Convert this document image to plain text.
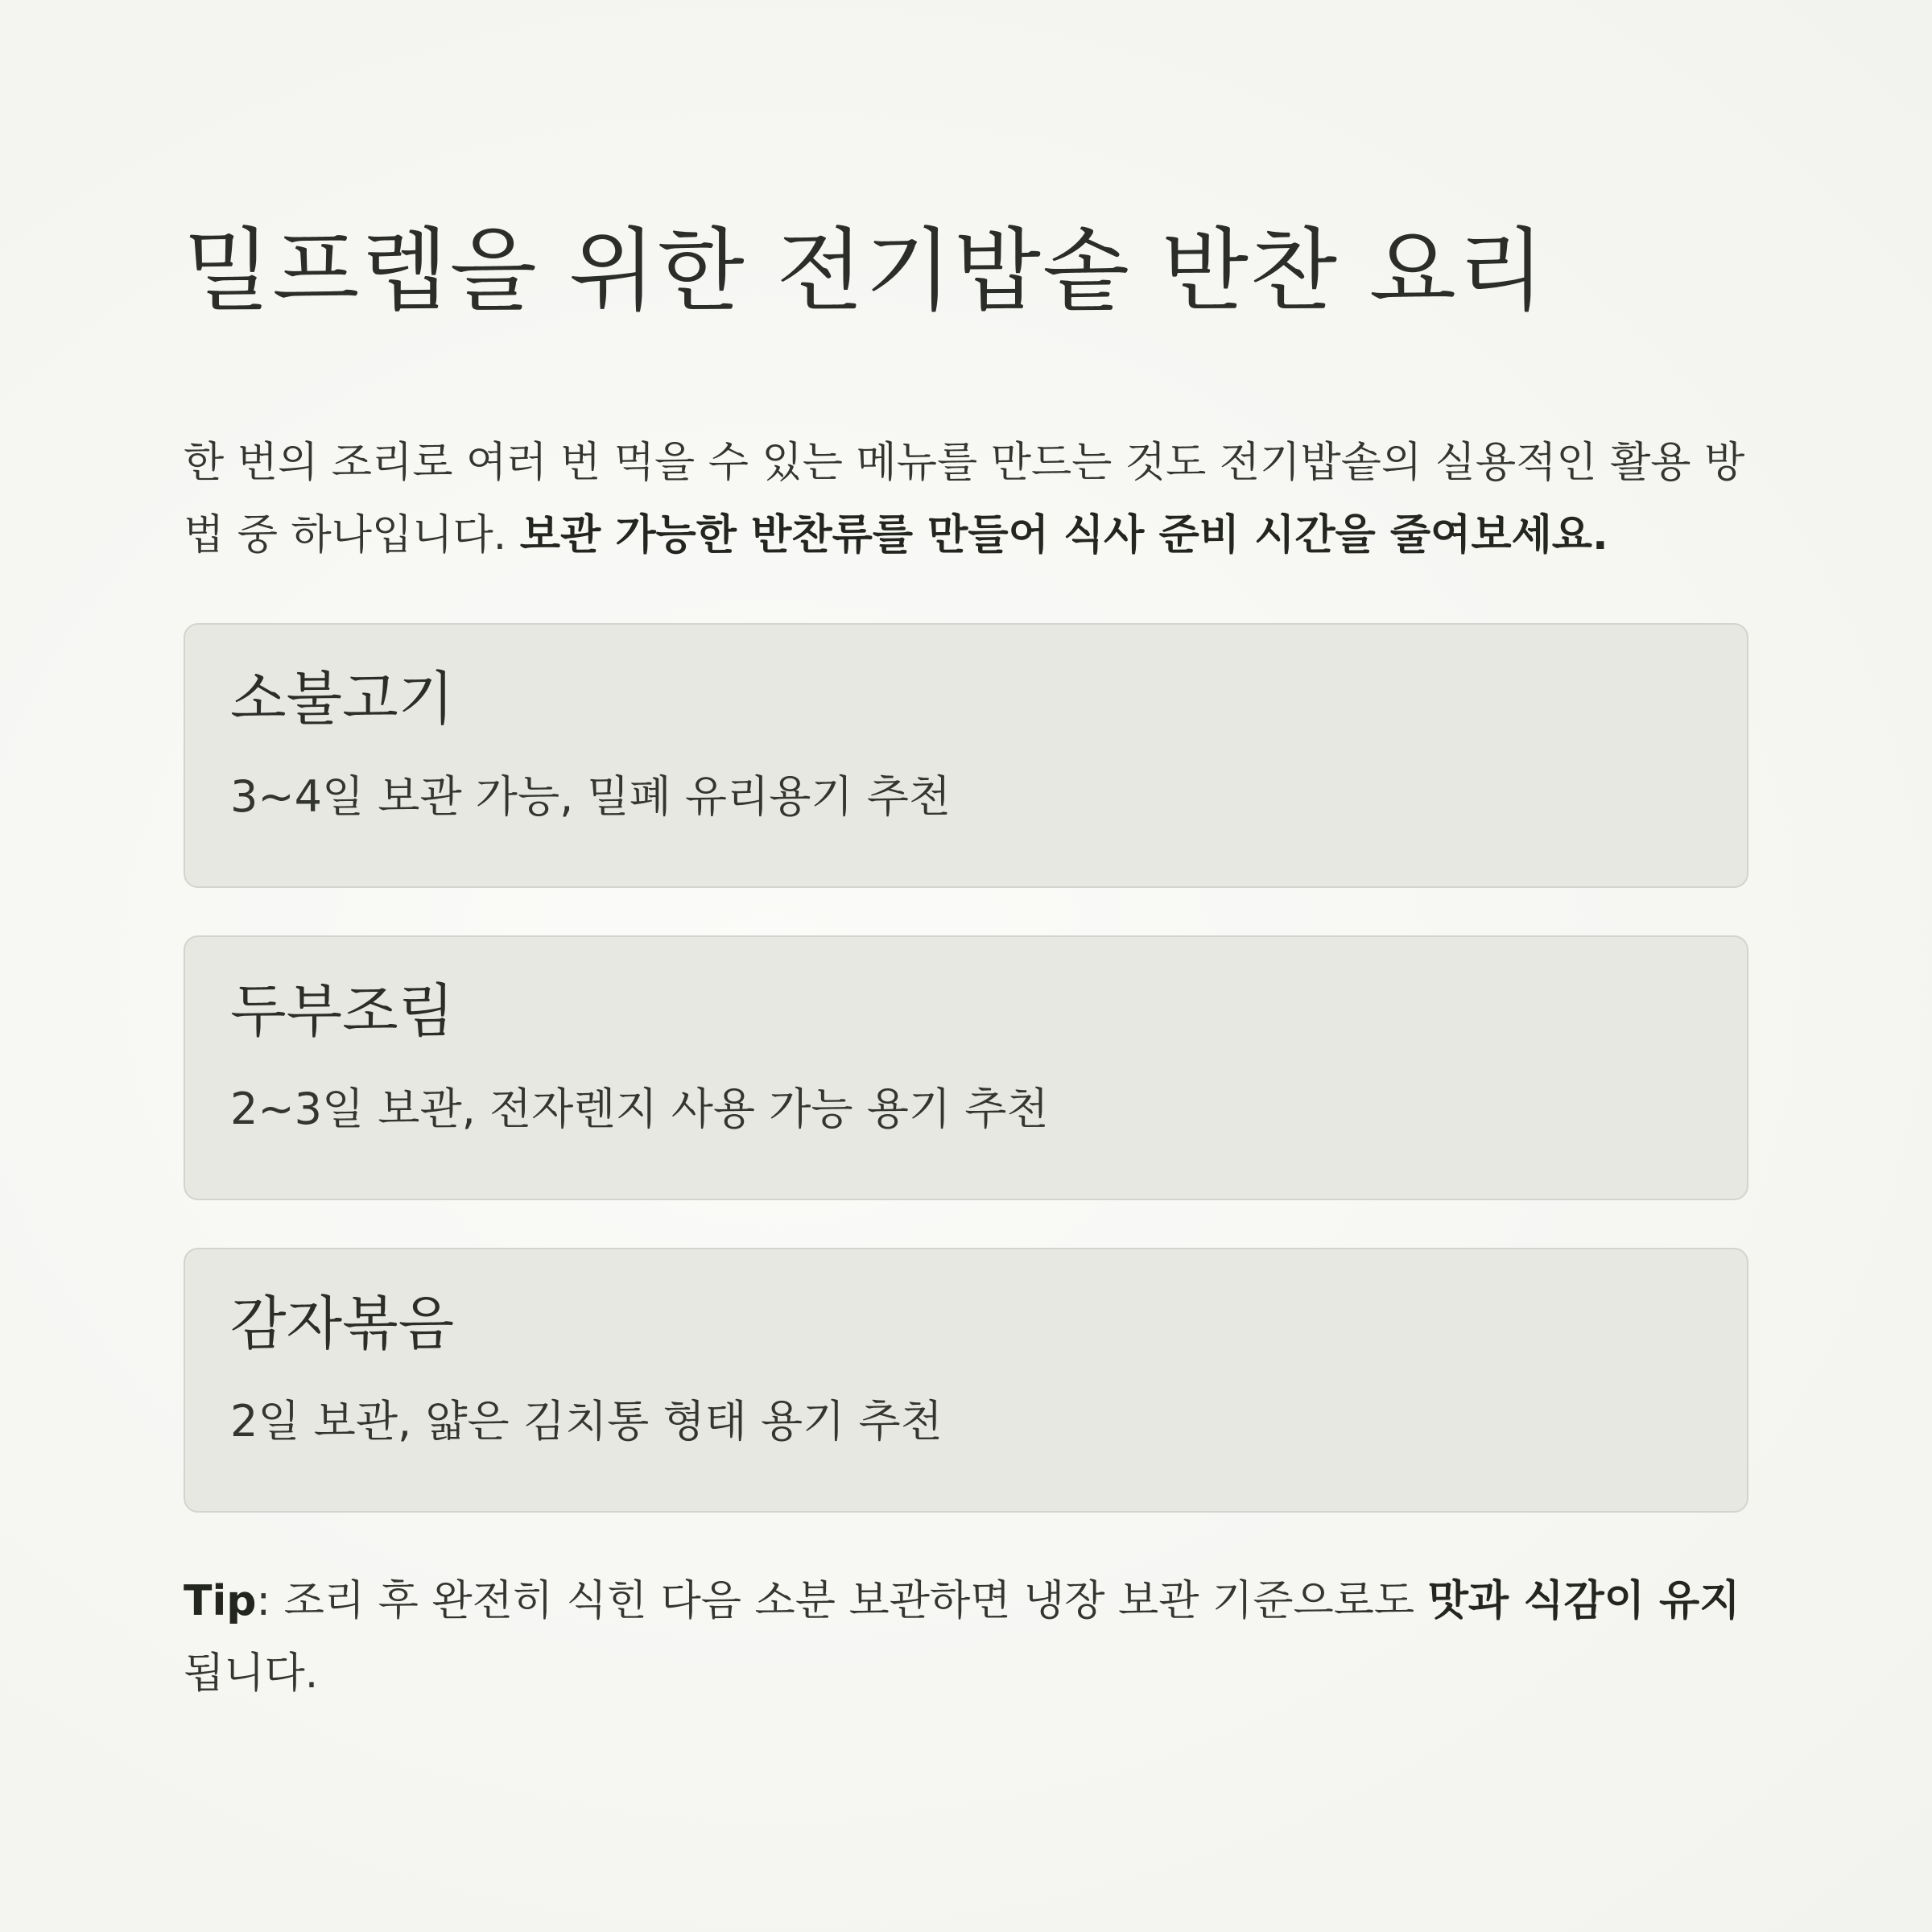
밀프렙을 위한 전기밥솥 반찬 요리

한 번의 조리로 여러 번 먹을 수 있는 메뉴를 만드는 것도 전기밥솥의 실용적인 활용 방법 중 하나입니다. 보관 가능한 반찬류를 만들어 식사 준비 시간을 줄여보세요.

소불고기

3~4일 보관 가능, 밀폐 유리용기 추천

두부조림

2~3일 보관, 전자렌지 사용 가능 용기 추천

감자볶음

2일 보관, 얇은 김치통 형태 용기 추천

Tip: 조리 후 완전히 식힌 다음 소분 보관하면 냉장 보관 기준으로도 맛과 식감이 유지됩니다.
